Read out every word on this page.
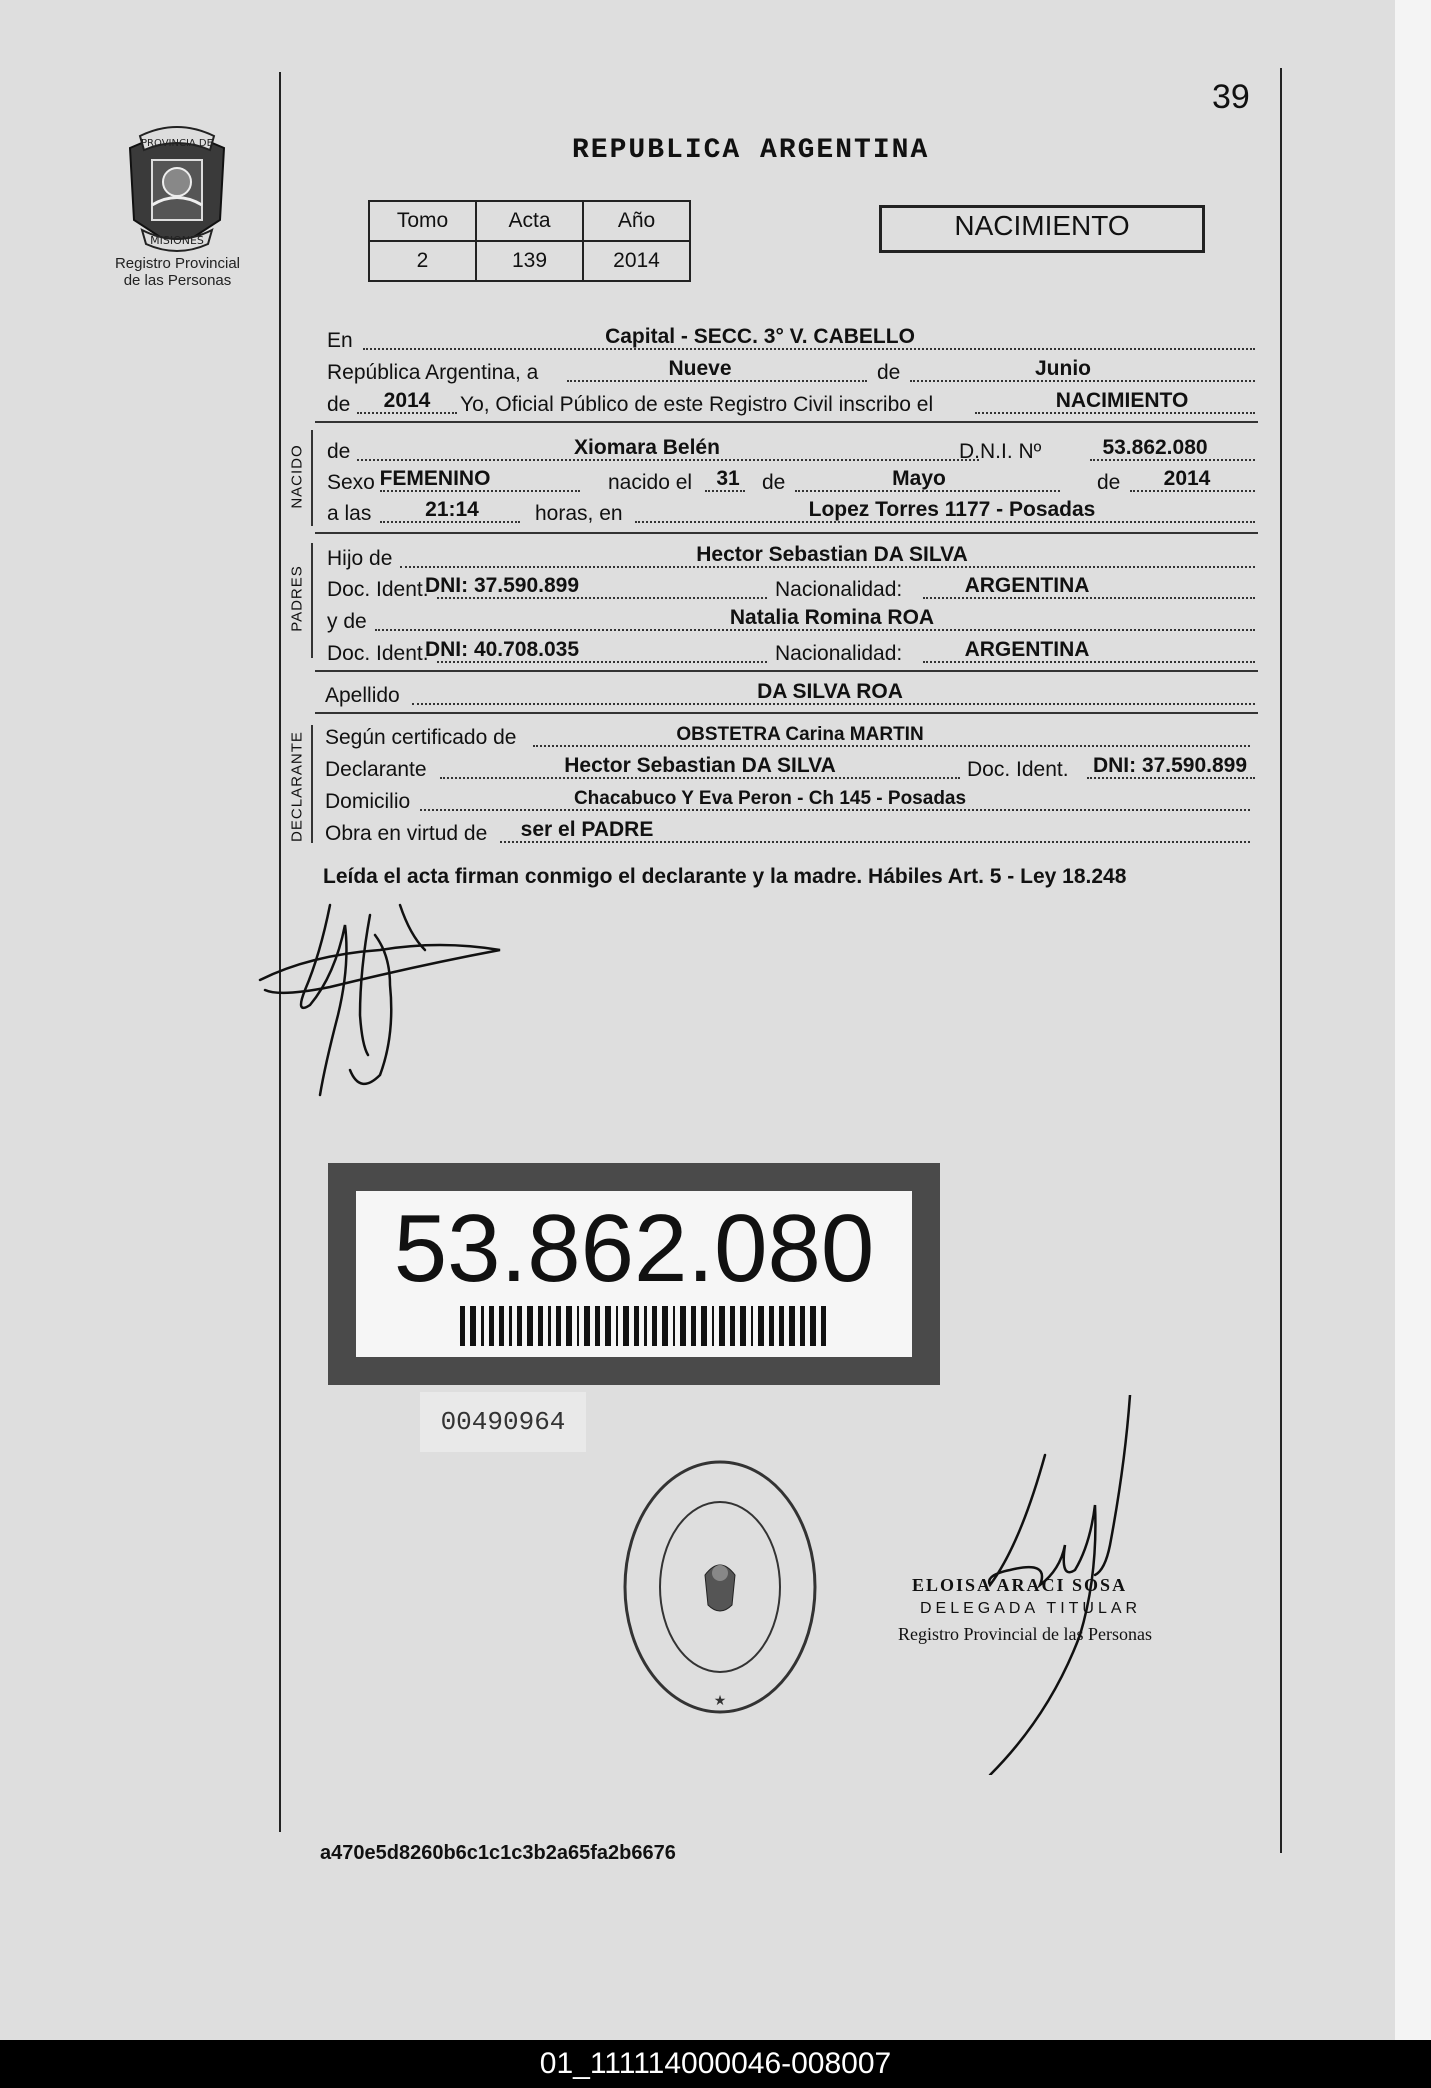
PROVINCIA DE
MISIONES
Registro Provincial
de las Personas
39
REPUBLICA ARGENTINA
Tomo	Acta	Año
2	139	2014
NACIMIENTO
En	Capital - SECC. 3° V. CABELLO
República Argentina, a	Nueve	de	Junio
de 2014 Yo, Oficial Público de este Registro Civil inscribo el	NACIMIENTO
NACIDO de	Xiomara Belén	D.N.I. Nº	53.862.080
Sexo FEMENINO	nacido el 31 de	Mayo	de 2014
a las	21:14	horas, en	Lopez Torres 1177 - Posadas
PADRES
Hijo de	Hector Sebastian DA SILVA
Doc. Ident.
DNI: 37.590.899	Nacionalidad:	ARGENTINA
y de	Natalia Romina ROA
Doc. Ident.
DNI: 40.708.035	Nacionalidad:	ARGENTINA
Apellido	DA SILVA ROA
DECLARANTE Según certificado de	OBSTETRA Carina MARTIN
Declarante	Hector Sebastian DA SILVA	Doc. Ident. DNI: 37.590.899
Domicilio	Chacabuco Y Eva Peron - Ch 145 - Posadas
Obra en virtud de ser el PADRE
Leída el acta firman conmigo el declarante y la madre. Hábiles Art. 5 - Ley 18.248
53.862.080
00490964
★
ELOISA ARACI SOSA
DELEGADA TITULAR
Registro Provincial de las Personas
a470e5d8260b6c1c1c3b2a65fa2b6676
01_111114000046-008007
